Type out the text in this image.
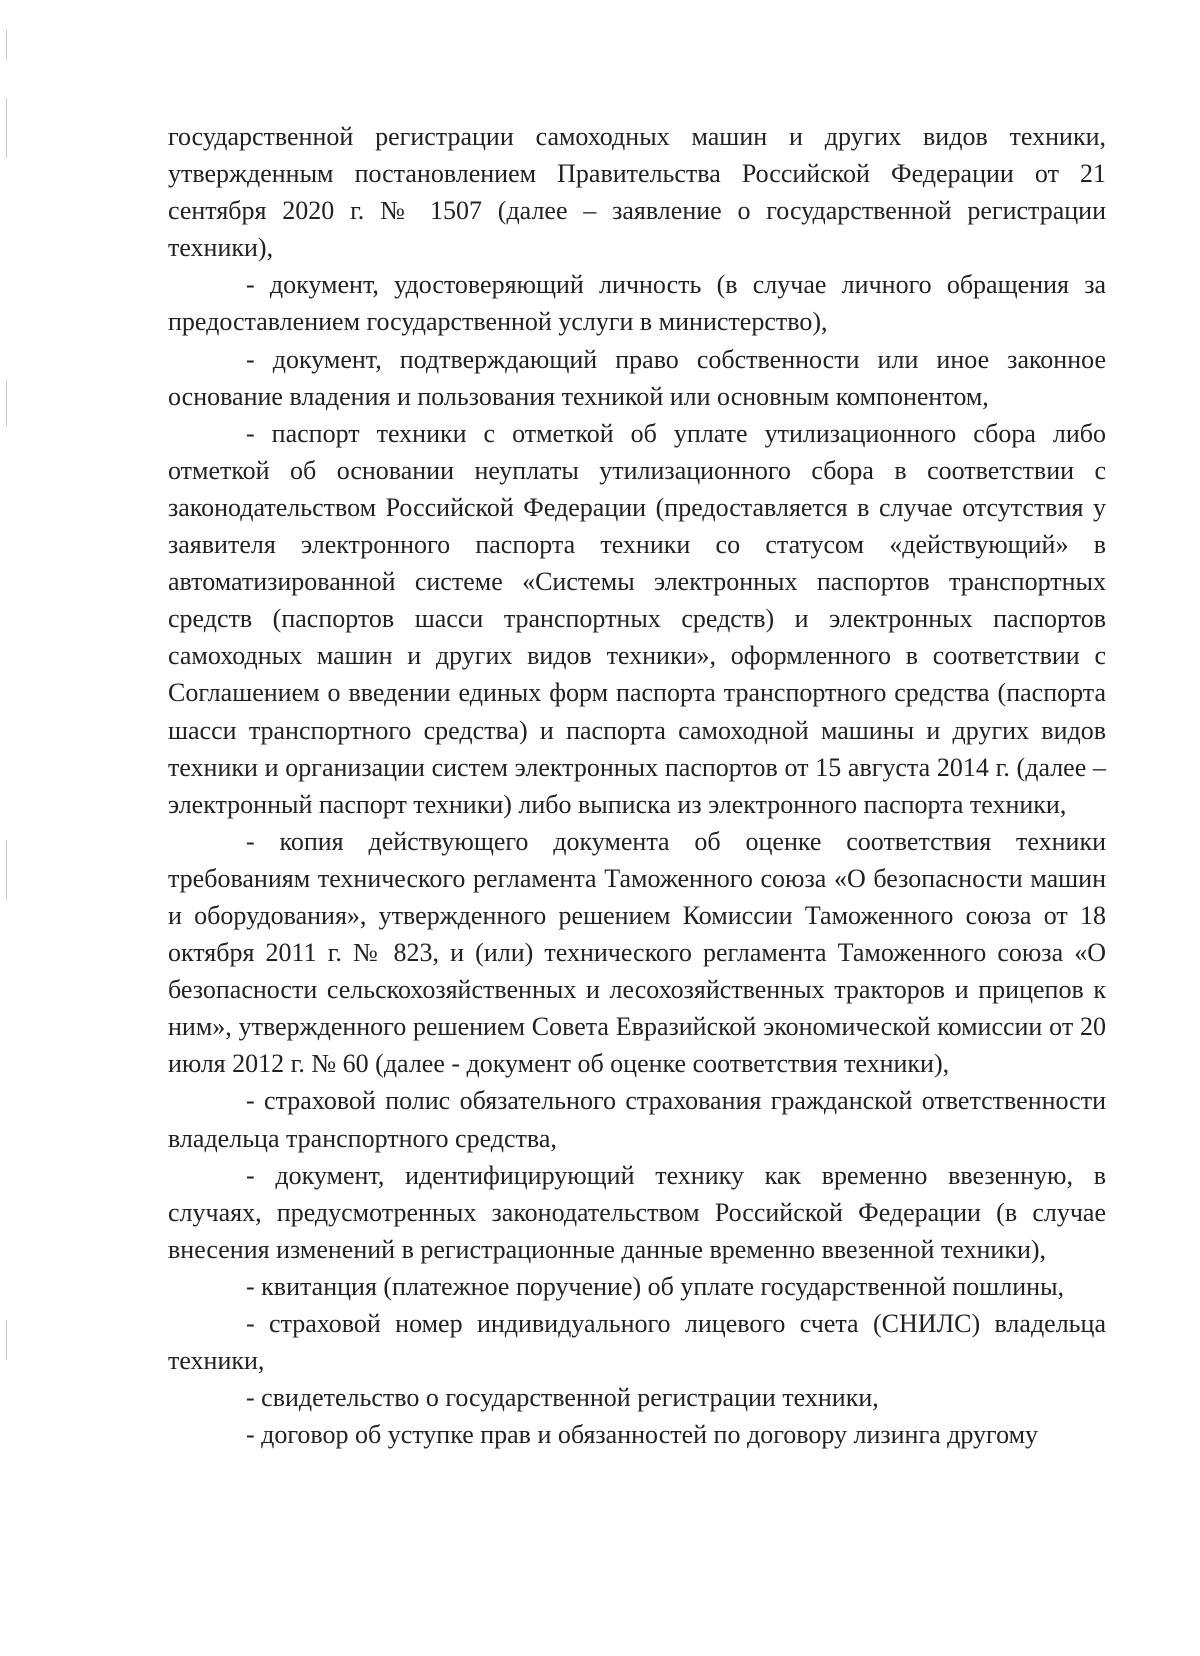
государственной регистрации самоходных машин и других видов техники, утвержденным постановлением Правительства Российской Федерации от 21 сентября 2020 г. № 1507 (далее – заявление о государственной регистрации техники),

- документ, удостоверяющий личность (в случае личного обращения за предоставлением государственной услуги в министерство),

- документ, подтверждающий право собственности или иное законное основание владения и пользования техникой или основным компонентом,

- паспорт техники с отметкой об уплате утилизационного сбора либо отметкой об основании неуплаты утилизационного сбора в соответствии с законодательством Российской Федерации (предоставляется в случае отсутствия у заявителя электронного паспорта техники со статусом «действующий» в автоматизированной системе «Системы электронных паспортов транспортных средств (паспортов шасси транспортных средств) и электронных паспортов самоходных машин и других видов техники», оформленного в соответствии с Соглашением о введении единых форм паспорта транспортного средства (паспорта шасси транспортного средства) и паспорта самоходной машины и других видов техники и организации систем электронных паспортов от 15 августа 2014 г. (далее – электронный паспорт техники) либо выписка из электронного паспорта техники,

- копия действующего документа об оценке соответствия техники требованиям технического регламента Таможенного союза «О безопасности машин и оборудования», утвержденного решением Комиссии Таможенного союза от 18 октября 2011 г. № 823, и (или) технического регламента Таможенного союза «О безопасности сельскохозяйственных и лесохозяйственных тракторов и прицепов к ним», утвержденного решением Совета Евразийской экономической комиссии от 20 июля 2012 г. № 60 (далее - документ об оценке соответствия техники),

- страховой полис обязательного страхования гражданской ответственности владельца транспортного средства,

- документ, идентифицирующий технику как временно ввезенную, в случаях, предусмотренных законодательством Российской Федерации (в случае внесения изменений в регистрационные данные временно ввезенной техники),

- квитанция (платежное поручение) об уплате государственной пошлины,

- страховой номер индивидуального лицевого счета (СНИЛС) владельца техники,

- свидетельство о государственной регистрации техники,

- договор об уступке прав и обязанностей по договору лизинга другому
